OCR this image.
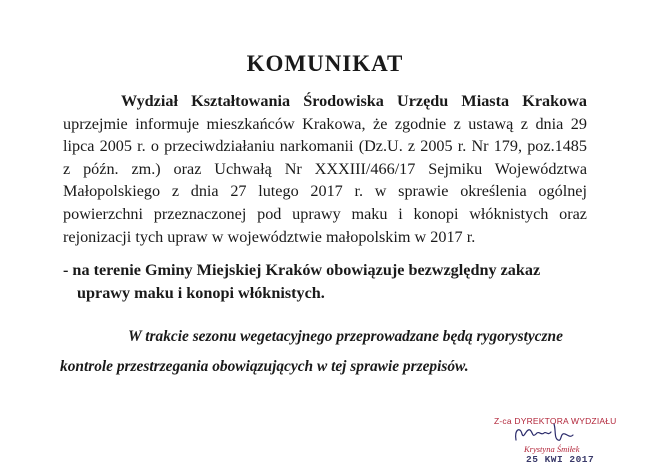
KOMUNIKAT
Wydział Kształtowania Środowiska Urzędu Miasta Krakowa
uprzejmie informuje mieszkańców Krakowa, że zgodnie z ustawą z dnia 29
lipca 2005 r. o przeciwdziałaniu narkomanii (Dz.U. z 2005 r. Nr 179, poz.1485
z późn. zm.) oraz Uchwałą Nr XXXIII/466/17 Sejmiku Województwa
Małopolskiego z dnia 27 lutego 2017 r. w sprawie określenia ogólnej
powierzchni przeznaczonej pod uprawy maku i konopi włóknistych oraz
rejonizacji tych upraw w województwie małopolskim w 2017 r.
- na terenie Gminy Miejskiej Kraków obowiązuje bezwzględny zakaz
uprawy maku i konopi włóknistych.
W trakcie sezonu wegetacyjnego przeprowadzane będą rygorystyczne
kontrole przestrzegania obowiązujących w tej sprawie przepisów.
Z-ca DYREKTORA WYDZIAŁU
Krystyna Śmiłek
25 KWI 2017
